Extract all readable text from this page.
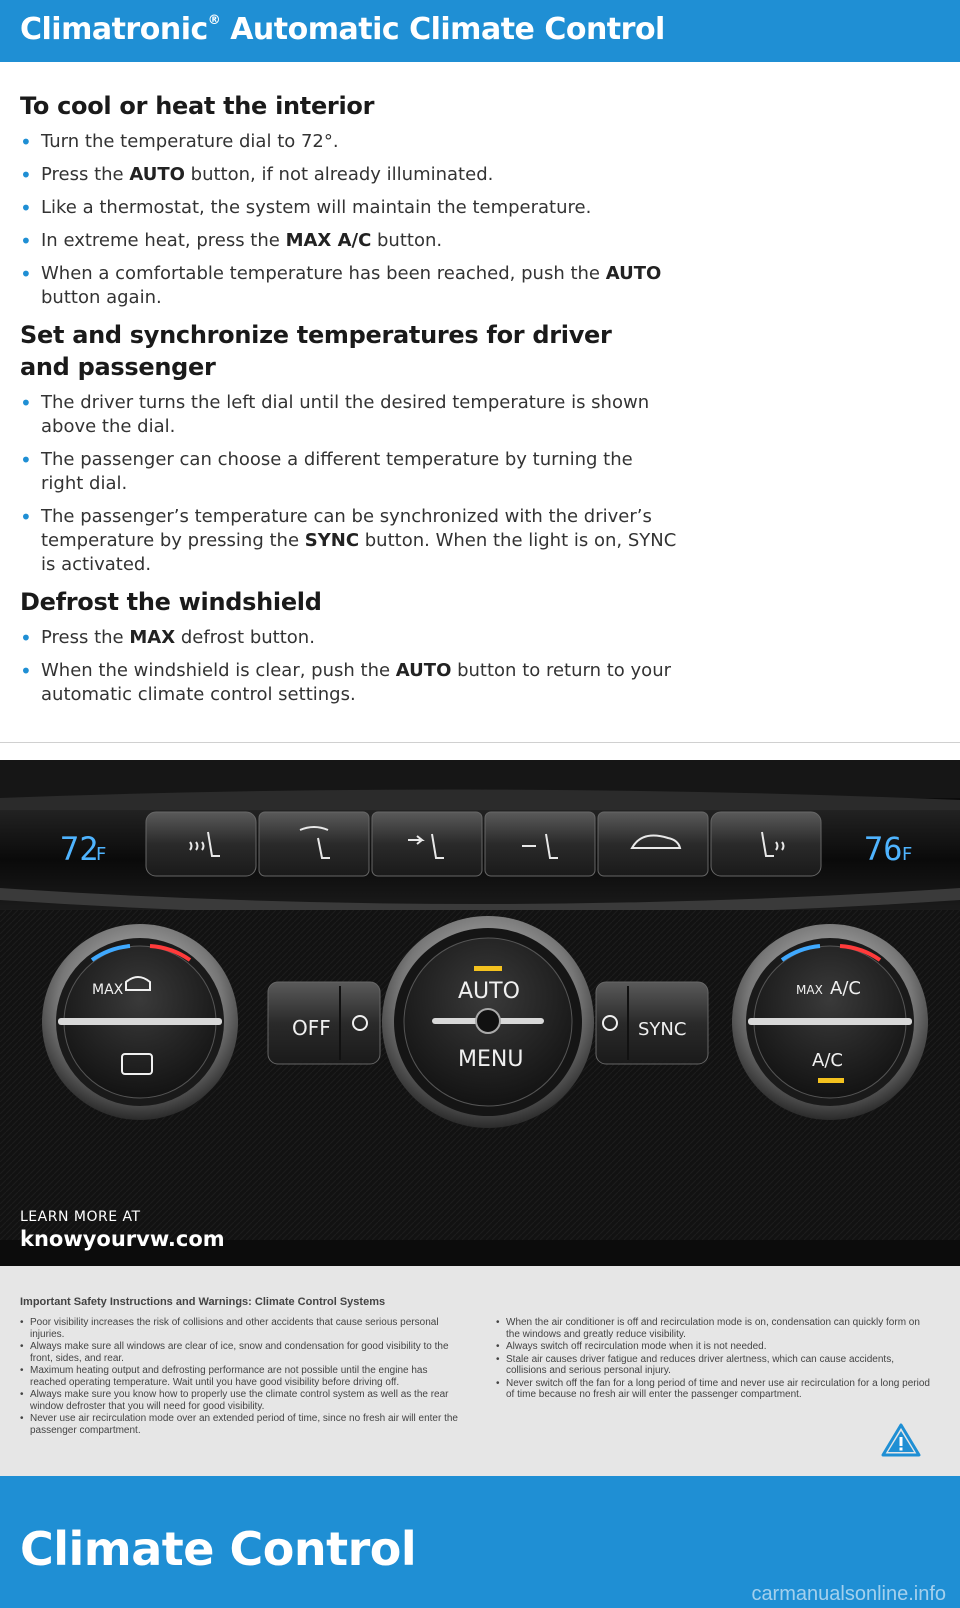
Climatronic® Automatic Climate Control
To cool or heat the interior
• Turn the temperature dial to 72°.
• Press the AUTO button, if not already illuminated.
• Like a thermostat, the system will maintain the temperature.
• In extreme heat, press the MAX A/C button.
• When a comfortable temperature has been reached, push the AUTO button again.
Set and synchronize temperatures for driver
and passenger
• The driver turns the left dial until the desired temperature is shown above the dial.
• The passenger can choose a different temperature by turning the right dial.
• The passenger’s temperature can be synchronized with the driver’s temperature by pressing the SYNC button. When the light is on, SYNC is activated.
Defrost the windshield
• Press the MAX defrost button.
• When the windshield is clear, push the AUTO button to return to your automatic climate control settings.
72
F	76 F
MAX
OFF
AUTO
MENU
SYNC
MAX A/C
A/C
LEARN MORE AT
knowyourvw.com
Important Safety Instructions and Warnings: Climate Control Systems
• Poor visibility increases the risk of collisions and other accidents that cause serious personal injuries.
• Always make sure all windows are clear of ice, snow and condensation for good visibility to the front, sides, and rear.
• Maximum heating output and defrosting performance are not possible until the engine has reached operating temperature. Wait until you have good visibility before driving off.
• Always make sure you know how to properly use the climate control system as well as the rear window defroster that you will need for good visibility.
• Never use air recirculation mode over an extended period of time, since no fresh air will enter the passenger compartment.
• When the air conditioner is off and recirculation mode is on, condensation can quickly form on the windows and greatly reduce visibility.
• Always switch off recirculation mode when it is not needed.
• Stale air causes driver fatigue and reduces driver alertness, which can cause accidents, collisions and serious personal injury.
• Never switch off the fan for a long period of time and never use air recirculation for a long period of time because no fresh air will enter the passenger compartment.
Climate Control
carmanualsonline.info
